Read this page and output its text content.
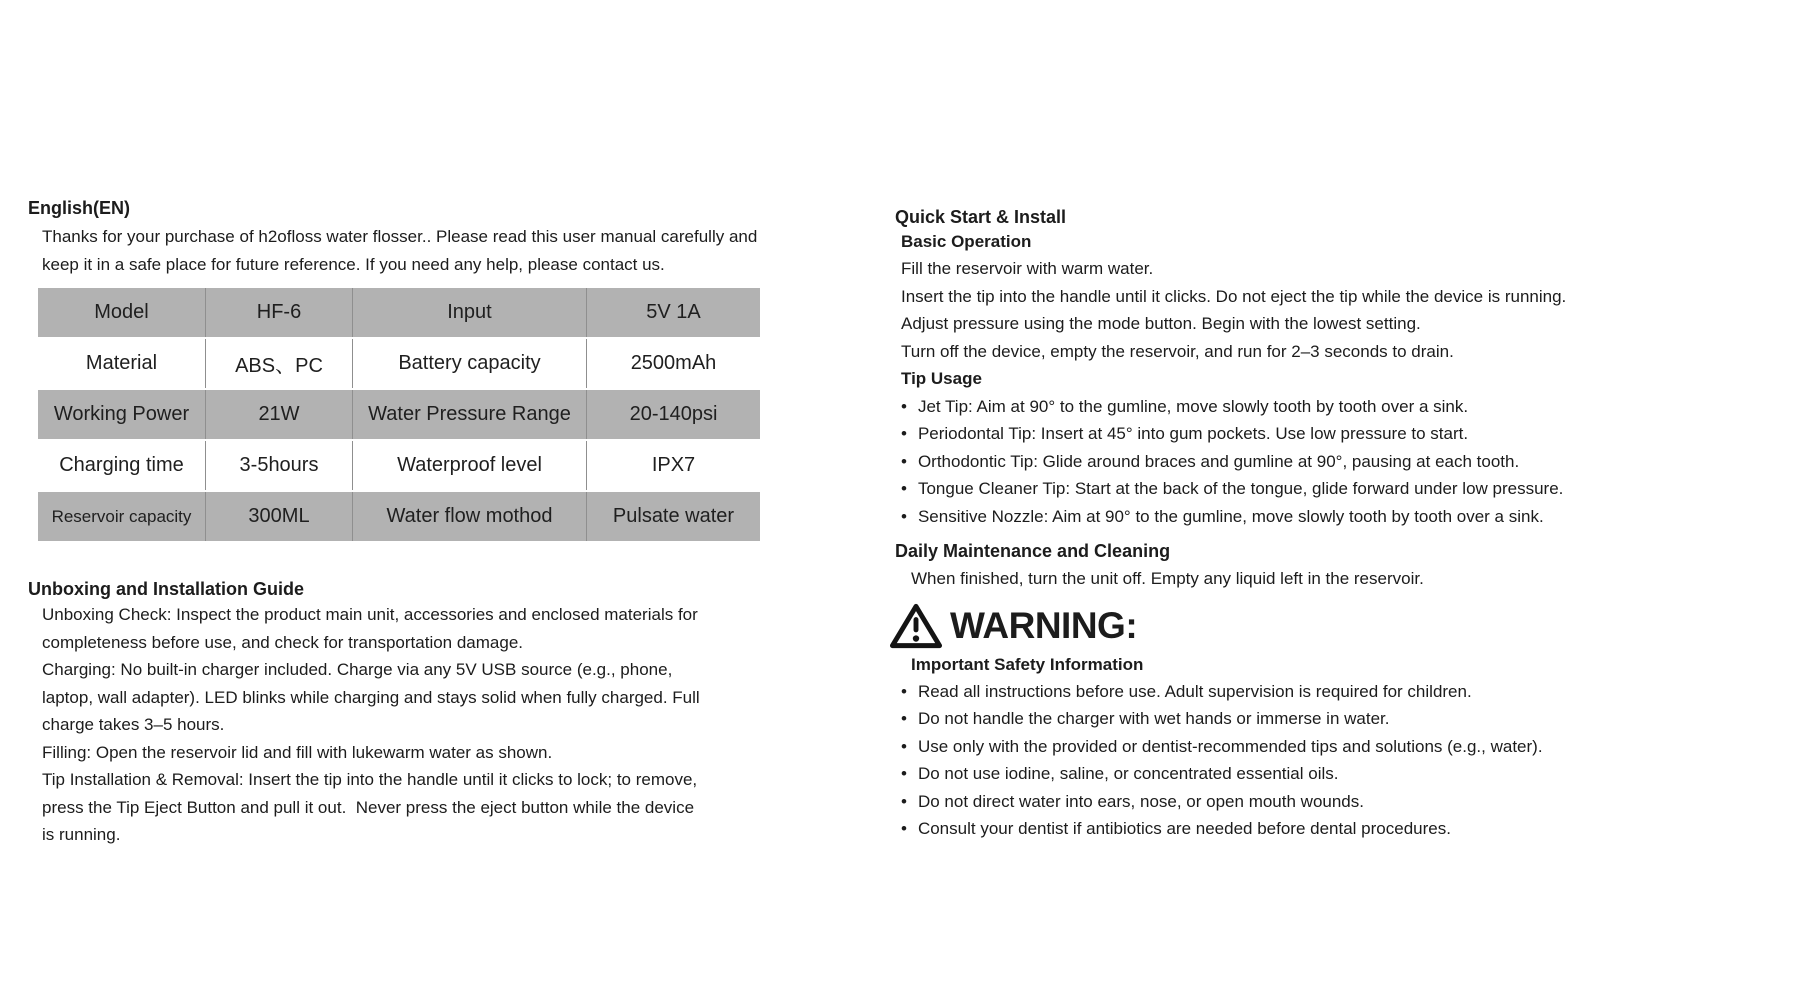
English(EN)

Thanks for your purchase of h2ofloss water flosser.. Please read this user manual carefully and keep it in a safe place for future reference. If you need any help, please contact us.

Model	HF-6	Input	5V 1A
Material	ABS、PC	Battery capacity	2500mAh
Working Power	21W	Water Pressure Range	20-140psi
Charging time	3-5hours	Waterproof level	IPX7
Reservoir capacity	300ML	Water flow mothod	Pulsate water
Unboxing and Installation Guide

Unboxing Check: Inspect the product main unit, accessories and enclosed materials for completeness before use, and check for transportation damage.

Charging: No built-in charger included. Charge via any 5V USB source (e.g., phone, laptop, wall adapter). LED blinks while charging and stays solid when fully charged. Full charge takes 3–5 hours.

Filling: Open the reservoir lid and fill with lukewarm water as shown.

Tip Installation & Removal: Insert the tip into the handle until it clicks to lock; to remove, press the Tip Eject Button and pull it out.  Never press the eject button while the device is running.

Quick Start & Install
Basic Operation

Fill the reservoir with warm water.

Insert the tip into the handle until it clicks. Do not eject the tip while the device is running.

Adjust pressure using the mode button. Begin with the lowest setting.

Turn off the device, empty the reservoir, and run for 2–3 seconds to drain.

Tip Usage
• Jet Tip: Aim at 90° to the gumline, move slowly tooth by tooth over a sink.
• Periodontal Tip: Insert at 45° into gum pockets. Use low pressure to start.
• Orthodontic Tip: Glide around braces and gumline at 90°, pausing at each tooth.
• Tongue Cleaner Tip: Start at the back of the tongue, glide forward under low pressure.
• Sensitive Nozzle: Aim at 90° to the gumline, move slowly tooth by tooth over a sink.
Daily Maintenance and Cleaning

When finished, turn the unit off. Empty any liquid left in the reservoir.

WARNING:
Important Safety Information
• Read all instructions before use. Adult supervision is required for children.
• Do not handle the charger with wet hands or immerse in water.
• Use only with the provided or dentist-recommended tips and solutions (e.g., water).
• Do not use iodine, saline, or concentrated essential oils.
• Do not direct water into ears, nose, or open mouth wounds.
• Consult your dentist if antibiotics are needed before dental procedures.
